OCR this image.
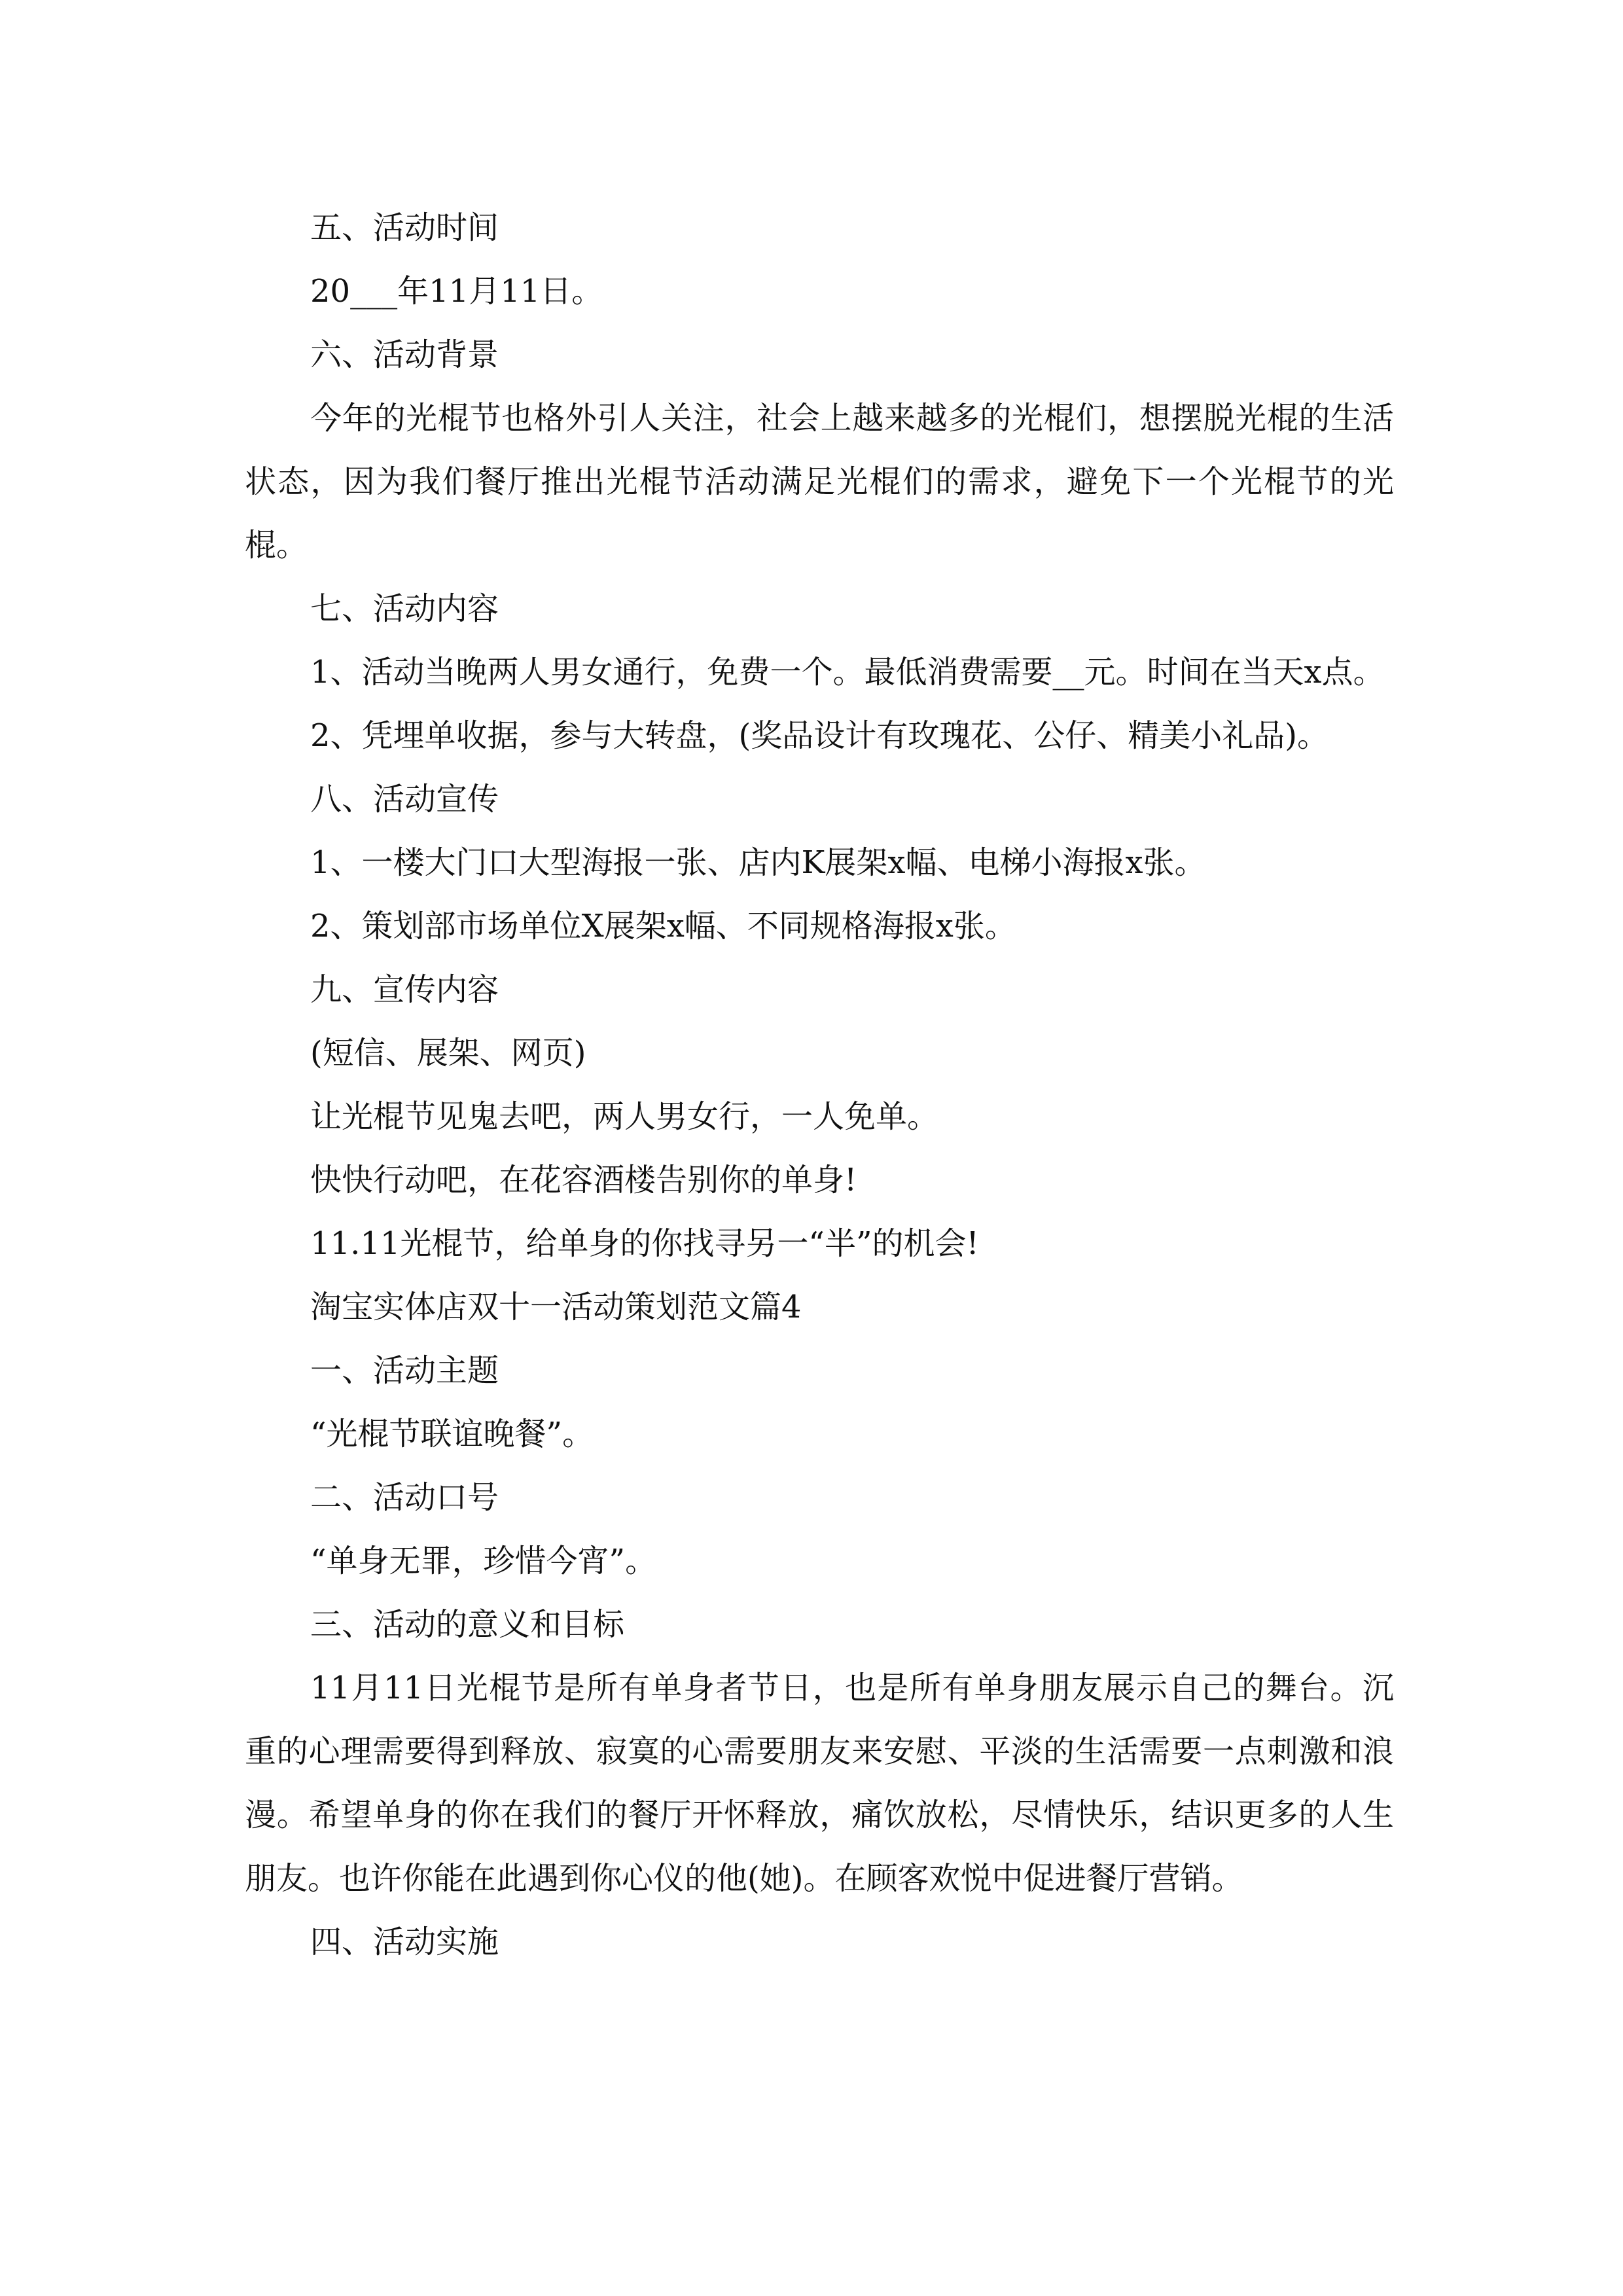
五、活动时间

20___年11月11日。

六、活动背景

今年的光棍节也格外引人关注，社会上越来越多的光棍们，想摆脱光棍的生活状态，因为我们餐厅推出光棍节活动满足光棍们的需求，避免下一个光棍节的光棍。

七、活动内容

1、活动当晚两人男女通行，免费一个。最低消费需要__元。时间在当天x点。

2、凭埋单收据，参与大转盘，(奖品设计有玫瑰花、公仔、精美小礼品)。

八、活动宣传

1、一楼大门口大型海报一张、店内K展架x幅、电梯小海报x张。

2、策划部市场单位X展架x幅、不同规格海报x张。

九、宣传内容

(短信、展架、网页)

让光棍节见鬼去吧，两人男女行，一人免单。

快快行动吧，在花容酒楼告别你的单身!

11.11光棍节，给单身的你找寻另一“半”的机会!

淘宝实体店双十一活动策划范文篇4

一、活动主题

“光棍节联谊晚餐”。

二、活动口号

“单身无罪，珍惜今宵”。

三、活动的意义和目标

11月11日光棍节是所有单身者节日，也是所有单身朋友展示自己的舞台。沉重的心理需要得到释放、寂寞的心需要朋友来安慰、平淡的生活需要一点刺激和浪漫。希望单身的你在我们的餐厅开怀释放，痛饮放松，尽情快乐，结识更多的人生朋友。也许你能在此遇到你心仪的他(她)。在顾客欢悦中促进餐厅营销。

四、活动实施
